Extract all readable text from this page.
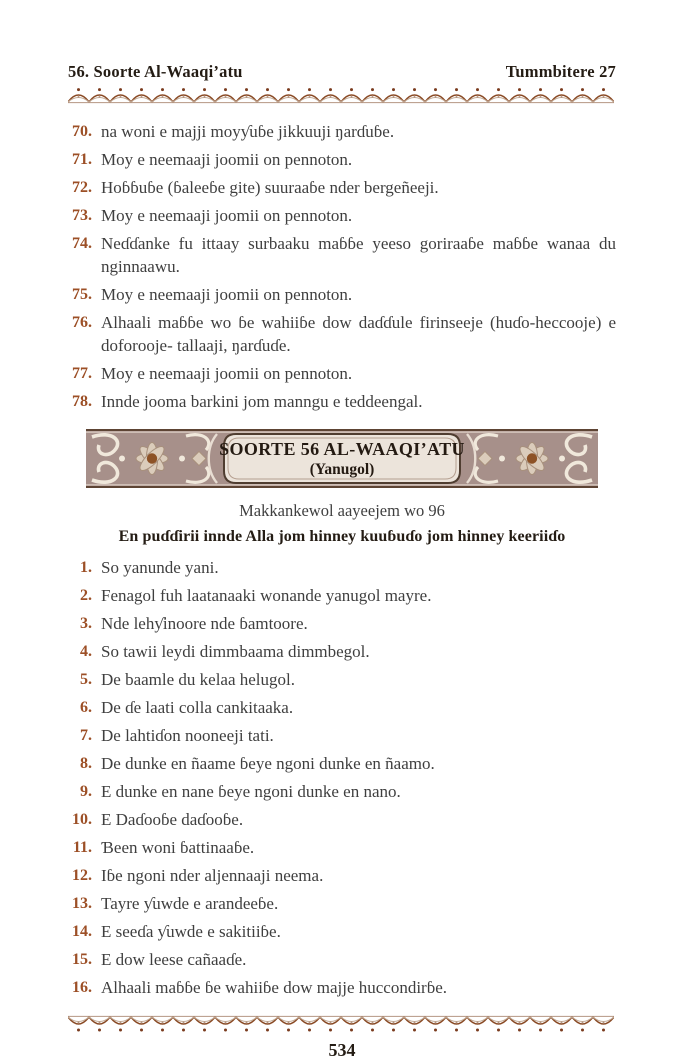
56. Soorte Al-Waaqi’atu	Tummbitere 27
70. na woni e majji moyƴuɓe jikkuuji ŋarɗuɓe.
71. Moy e neemaaji joomii on pennoton.
72. Hoɓɓuɓe (ɓaleeɓe gite) suuraaɓe nder bergeñeeji.
73. Moy e neemaaji joomii on pennoton.
74. Neɗɗanke fu ittaay surbaaku maɓɓe yeeso goriraaɓe maɓɓe wanaa du nginnaawu.
75. Moy e neemaaji joomii on pennoton.
76. Alhaali maɓɓe wo ɓe wahiiɓe dow daɗɗule firinseeje (huɗo-heccooje) e doforooje- tallaaji, ŋarɗuɗe.
77. Moy e neemaaji joomii on pennoton.
78. Innde jooma barkini jom manngu e teddeengal.
SOORTE 56 AL-WAAQI’ATU
(Yanugol)
Makkankewol aayeejem wo 96
En puɗɗirii innde Alla jom hinney kuuɓuɗo jom hinney keeriiɗo
1. So yanunde yani.
2. Fenagol fuh laatanaaki wonande yanugol mayre.
3. Nde lehƴinoore nde ɓamtoore.
4. So tawii leydi dimmbaama dimmbegol.
5. De baamle du kelaa helugol.
6. De ɗe laati colla cankitaaka.
7. De lahtiɗon nooneeji tati.
8. De dunke en ñaame ɓeye ngoni dunke en ñaamo.
9. E dunke en nane ɓeye ngoni dunke en nano.
10. E Daɗooɓe daɗooɓe.
11. Ɓeen woni ɓattinaaɓe.
12. Iɓe ngoni nder aljennaaji neema.
13. Tayre ƴuwde e arandeeɓe.
14. E seeɗa ƴuwde e sakitiiɓe.
15. E dow leese cañaaɗe.
16. Alhaali maɓɓe ɓe wahiiɓe dow majje huccondirɓe.
534
